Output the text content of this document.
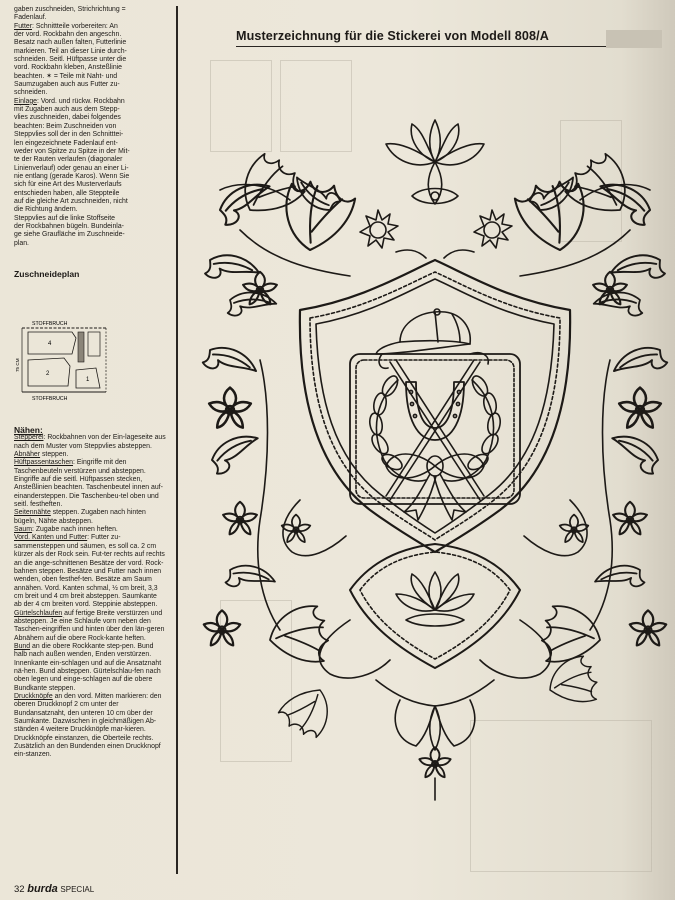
gaben zuschneiden, Strichrichtung =

Fadenlauf.

Futter: Schnittteile vorbereiten: An

der vord. Rockbahn den angeschn.

Besatz nach außen falten, Futterlinie

markieren. Teil an dieser Linie durch-

schneiden. Seitl. Hüftpasse unter die

vord. Rockbahn kleben, Ansteßlinie

beachten. ✶ = Teile mit Naht- und

Saumzugaben auch aus Futter zu-

schneiden.

Einlage: Vord. und rückw. Rockbahn

mit Zugaben auch aus dem Stepp-

vlies zuschneiden, dabei folgendes

beachten: Beim Zuschneiden von

Steppvlies soll der in den Schnitttei-

len eingezeichnete Fadenlauf ent-

weder von Spitze zu Spitze in der Mit-

te der Rauten verlaufen (diagonaler

Linienverlauf) oder genau an einer Li-

nie entlang (gerade Karos). Wenn Sie

sich für eine Art des Musterverlaufs

entschieden haben, alle Steppteile

auf die gleiche Art zuschneiden, nicht

die Richtung ändern.

Steppvlies auf die linke Stoffseite

der Rockbahnen bügeln. Bundeinla-

ge siehe Graufläche im Zuschneide-

plan.

Zuschneideplan

STOFFBRUCH
75 CM
4
2
1
STOFFBRUCH

Nähen:

Stepperei: Rockbahnen von der Ein-lageseite aus nach dem Muster vom Steppvlies absteppen.

Abnäher steppen.

Hüftpassentaschen: Eingriffe mit den Taschenbeuteln verstürzen und absteppen. Eingriffe auf die seitl. Hüftpassen stecken, Ansteßlinien beachten. Taschenbeutel innen auf-einandersteppen. Die Taschenbeu-tel oben und seitl. festheften.

Seitennähte steppen. Zugaben nach hinten bügeln, Nähte absteppen.

Saum: Zugabe nach innen heften.

Vord. Kanten und Futter: Futter zu-sammensteppen und säumen, es soll ca. 2 cm kürzer als der Rock sein. Fut-ter rechts auf rechts an die ange-schnittenen Besätze der vord. Rock-bahnen steppen. Besätze und Futter nach innen wenden, oben festhef-ten. Besätze am Saum annähen. Vord. Kanten schmal, ½ cm breit, 3,3 cm breit und 4 cm breit absteppen. Saumkante ab der 4 cm breiten vord. Steppinie absteppen.

Gürtelschlaufen auf fertige Breite verstürzen und absteppen. Je eine Schlaufe vorn neben den Taschen-eingriffen und hinten über den län-geren Abnähern auf die obere Rock-kante heften.

Bund an die obere Rockkante step-pen. Bund halb nach außen wenden, Enden verstürzen. Innenkante ein-schlagen und auf die Ansatznaht nä-hen. Bund absteppen. Gürtelschlau-fen nach oben legen und einge-schlagen auf die obere Bundkante steppen.

Druckknöpfe an den vord. Mitten markieren: den oberen Druckknopf 2 cm unter der Bundansatznaht, den unteren 10 cm über der Saumkante. Dazwischen in gleichmäßigen Ab-ständen 4 weitere Druckknöpfe mar-kieren. Druckknöpfe einstanzen, die Oberteile rechts. Zusätzlich an den Bundenden einen Druckknopf ein-stanzen.

Musterzeichnung für die Stickerei von Modell 808/A
32 burda SPECIAL
